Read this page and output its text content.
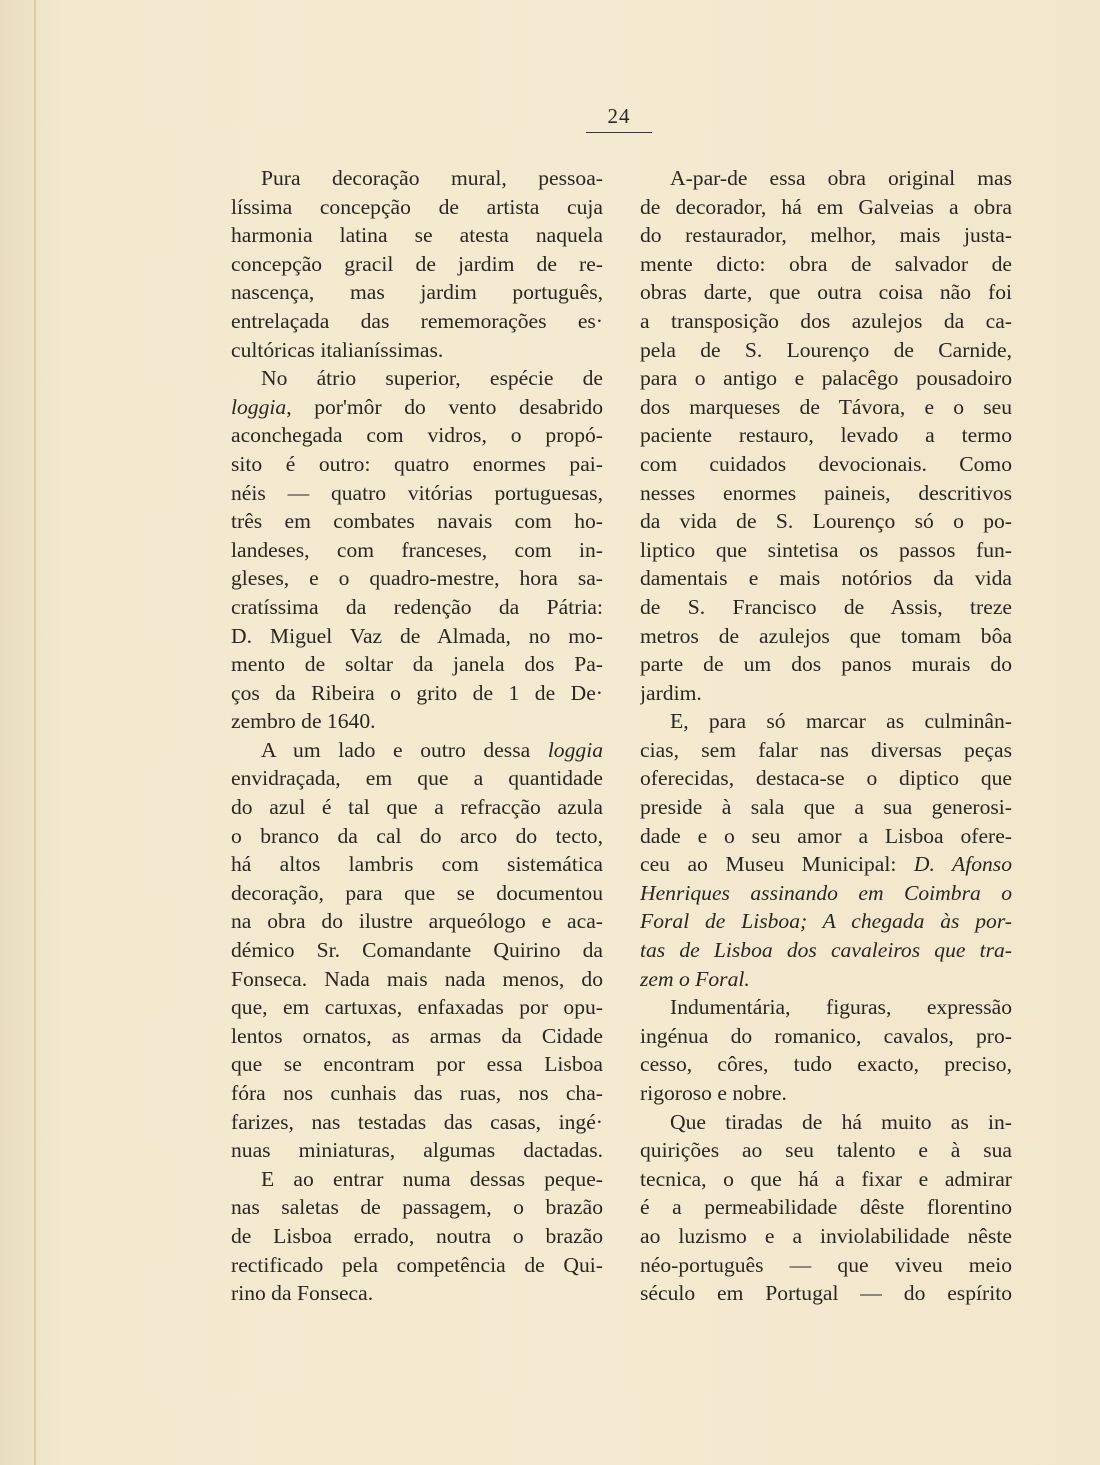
24
Pura decoração mural, pessoa-
líssima concepção de artista cuja
harmonia latina se atesta naquela
concepção gracil de jardim de re-
nascença, mas jardim português,
entrelaçada das rememorações es·
cultóricas italianíssimas.
No átrio superior, espécie de
loggia, por'môr do vento desabrido
aconchegada com vidros, o propó-
sito é outro: quatro enormes pai-
néis — quatro vitórias portuguesas,
três em combates navais com ho-
landeses, com franceses, com in-
gleses, e o quadro-mestre, hora sa-
cratíssima da redenção da Pátria:
D. Miguel Vaz de Almada, no mo-
mento de soltar da janela dos Pa-
ços da Ribeira o grito de 1 de De·
zembro de 1640.
A um lado e outro dessa loggia
envidraçada, em que a quantidade
do azul é tal que a refracção azula
o branco da cal do arco do tecto,
há altos lambris com sistemática
decoração, para que se documentou
na obra do ilustre arqueólogo e aca-
démico Sr. Comandante Quirino da
Fonseca. Nada mais nada menos, do
que, em cartuxas, enfaxadas por opu-
lentos ornatos, as armas da Cidade
que se encontram por essa Lisboa
fóra nos cunhais das ruas, nos cha-
farizes, nas testadas das casas, ingé·
nuas miniaturas, algumas dactadas.
E ao entrar numa dessas peque-
nas saletas de passagem, o brazão
de Lisboa errado, noutra o brazão
rectificado pela competência de Qui-
rino da Fonseca.
A-par-de essa obra original mas
de decorador, há em Galveias a obra
do restaurador, melhor, mais justa-
mente dicto: obra de salvador de
obras darte, que outra coisa não foi
a transposição dos azulejos da ca-
pela de S. Lourenço de Carnide,
para o antigo e palacêgo pousadoiro
dos marqueses de Távora, e o seu
paciente restauro, levado a termo
com cuidados devocionais. Como
nesses enormes paineis, descritivos
da vida de S. Lourenço só o po-
liptico que sintetisa os passos fun-
damentais e mais notórios da vida
de S. Francisco de Assis, treze
metros de azulejos que tomam bôa
parte de um dos panos murais do
jardim.
E, para só marcar as culminân-
cias, sem falar nas diversas peças
oferecidas, destaca-se o diptico que
preside à sala que a sua generosi-
dade e o seu amor a Lisboa ofere-
ceu ao Museu Municipal: D. Afonso
Henriques assinando em Coimbra o
Foral de Lisboa; A chegada às por-
tas de Lisboa dos cavaleiros que tra-
zem o Foral.
Indumentária, figuras, expressão
ingénua do romanico, cavalos, pro-
cesso, côres, tudo exacto, preciso,
rigoroso e nobre.
Que tiradas de há muito as in-
quirições ao seu talento e à sua
tecnica, o que há a fixar e admirar
é a permeabilidade dêste florentino
ao luzismo e a inviolabilidade nêste
néo-português — que viveu meio
século em Portugal — do espírito
